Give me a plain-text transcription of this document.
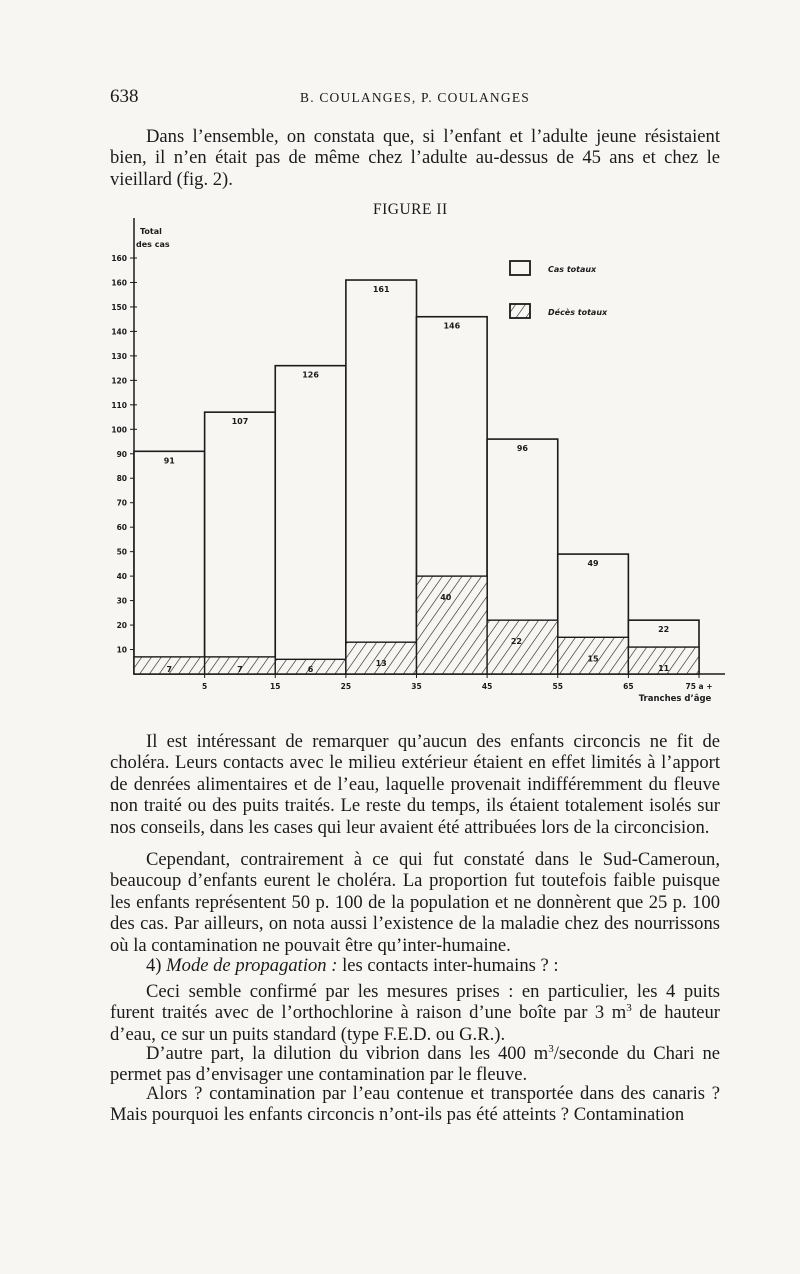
638	B. COULANGES, P. COULANGES

Dans l’ensemble, on constata que, si l’enfant et l’adulte jeune résistaient bien, il n’en était pas de même chez l’adulte au-dessus de 45 ans et chez le vieillard (fig. 2).

FIGURE II
Total
des cas
160
160
150
140
130
120
110
100
90
80
70
60
50
40
30
20
10
5	15	25	35	45	55	65	75 a +
Tranches d’âge
91
107
126
161
146
96
49
22
7	7	6
13
40
22
15
11
Cas totaux
Décès totaux

Il est intéressant de remarquer qu’aucun des enfants circoncis ne fit de choléra. Leurs contacts avec le milieu extérieur étaient en effet limités à l’apport de denrées alimentaires et de l’eau, laquelle provenait indifféremment du fleuve non traité ou des puits traités. Le reste du temps, ils étaient totalement isolés sur nos conseils, dans les cases qui leur avaient été attribuées lors de la circoncision.

Cependant, contrairement à ce qui fut constaté dans le Sud-Cameroun, beaucoup d’enfants eurent le choléra. La proportion fut toutefois faible puisque les enfants représentent 50 p. 100 de la population et ne donnèrent que 25 p. 100 des cas. Par ailleurs, on nota aussi l’existence de la maladie chez des nourrissons où la contamination ne pouvait être qu’inter-humaine.

4) Mode de propagation : les contacts inter-humains ? :

Ceci semble confirmé par les mesures prises : en particulier, les 4 puits furent traités avec de l’orthochlorine à raison d’une boîte par 3 $m^3$ de hauteur d’eau, ce sur un puits standard (type F.E.D. ou G.R.).

D’autre part, la dilution du vibrion dans les 400 $m^3$/seconde du Chari ne permet pas d’envisager une contamination par le fleuve.

Alors ? contamination par l’eau contenue et transportée dans des canaris ? Mais pourquoi les enfants circoncis n’ont-ils pas été atteints ? Contamination
